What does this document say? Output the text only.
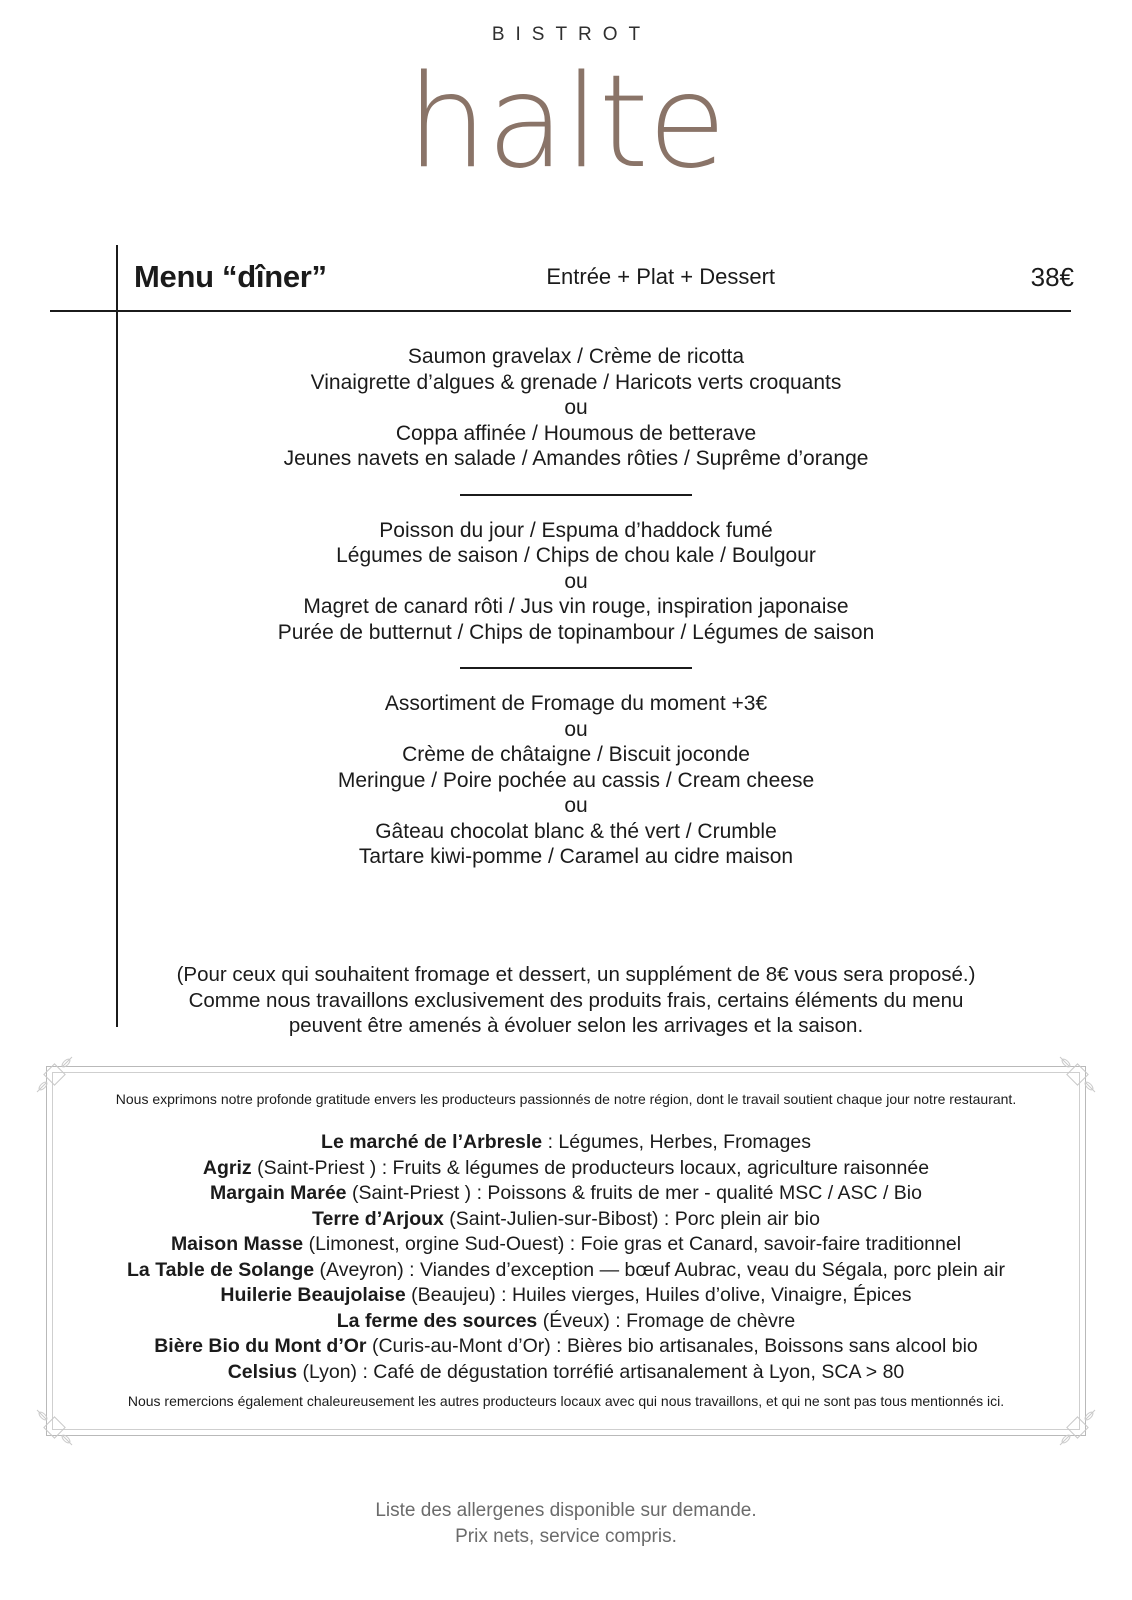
BISTROT
halte
Menu “dîner”	Entrée + Plat + Dessert	38€
Saumon gravelax / Crème de ricotta
Vinaigrette d’algues & grenade / Haricots verts croquants
ou
Coppa affinée / Houmous de betterave
Jeunes navets en salade / Amandes rôties / Suprême d’orange
Poisson du jour / Espuma d’haddock fumé
Légumes de saison / Chips de chou kale / Boulgour
ou
Magret de canard rôti / Jus vin rouge, inspiration japonaise
Purée de butternut / Chips de topinambour / Légumes de saison
Assortiment de Fromage du moment +3€
ou
Crème de châtaigne / Biscuit joconde
Meringue / Poire pochée au cassis / Cream cheese
ou
Gâteau chocolat blanc & thé vert / Crumble
Tartare kiwi-pomme / Caramel au cidre maison
(Pour ceux qui souhaitent fromage et dessert, un supplément de 8€ vous sera proposé.)
Comme nous travaillons exclusivement des produits frais, certains éléments du menu
peuvent être amenés à évoluer selon les arrivages et la saison.
Nous exprimons notre profonde gratitude envers les producteurs passionnés de notre région, dont le travail soutient chaque jour notre restaurant.
Le marché de l’Arbresle : Légumes, Herbes, Fromages
Agriz (Saint-Priest ) : Fruits & légumes de producteurs locaux, agriculture raisonnée
Margain Marée (Saint-Priest ) : Poissons & fruits de mer - qualité MSC / ASC / Bio
Terre d’Arjoux (Saint-Julien-sur-Bibost) : Porc plein air bio
Maison Masse (Limonest, orgine Sud-Ouest) : Foie gras et Canard, savoir-faire traditionnel
La Table de Solange (Aveyron) : Viandes d’exception — bœuf Aubrac, veau du Ségala, porc plein air
Huilerie Beaujolaise (Beaujeu) : Huiles vierges, Huiles d’olive, Vinaigre, Épices
La ferme des sources (Éveux) : Fromage de chèvre
Bière Bio du Mont d’Or (Curis-au-Mont d’Or) : Bières bio artisanales, Boissons sans alcool bio
Celsius (Lyon) : Café de dégustation torréfié artisanalement à Lyon, SCA > 80
Nous remercions également chaleureusement les autres producteurs locaux avec qui nous travaillons, et qui ne sont pas tous mentionnés ici.
Liste des allergenes disponible sur demande.
Prix nets, service compris.
